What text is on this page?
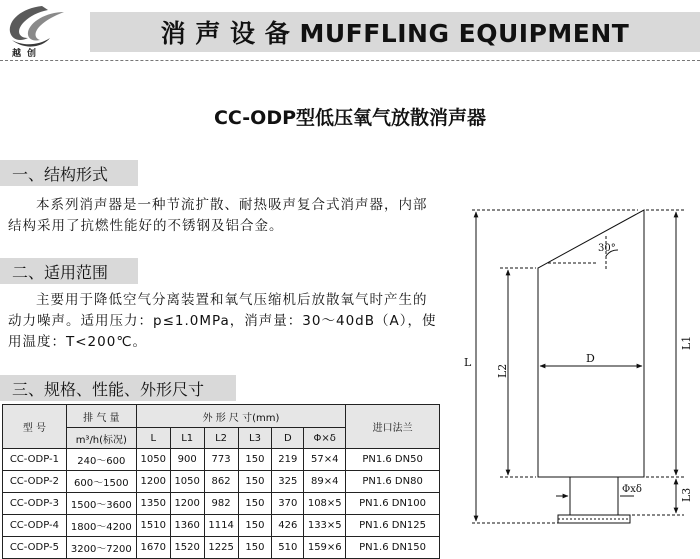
越创
消 声 设 备 MUFFLING EQUIPMENT
CC-ODP型低压氧气放散消声器
一、结构形式
本系列消声器是一种节流扩散、耐热吸声复合式消声器，内部结构采用了抗燃性能好的不锈钢及铝合金。
二、适用范围
主要用于降低空气分离装置和氧气压缩机后放散氧气时产生的动力噪声。适用压力：p≤1.0MPa，消声量：30～40dB（A），使用温度：T<200℃。
三、规格、性能、外形尺寸
型 号	排 气 量	外 形 尺 寸(mm)						进口法兰
	m³/h(标况)	L	L1	L2	L3	D	Φ×δ	
CC-ODP-1	240～600	1050	900	773	150	219	57×4	PN1.6 DN50
CC-ODP-2	600～1500	1200	1050	862	150	325	89×4	PN1.6 DN80
CC-ODP-3	1500～3600	1350	1200	982	150	370	108×5	PN1.6 DN100
CC-ODP-4	1800～4200	1510	1360	1114	150	426	133×5	PN1.6 DN125
CC-ODP-5	3200～7200	1670	1520	1225	150	510	159×6	PN1.6 DN150
30°
L
L2
L1
L3
D
Φxδ
